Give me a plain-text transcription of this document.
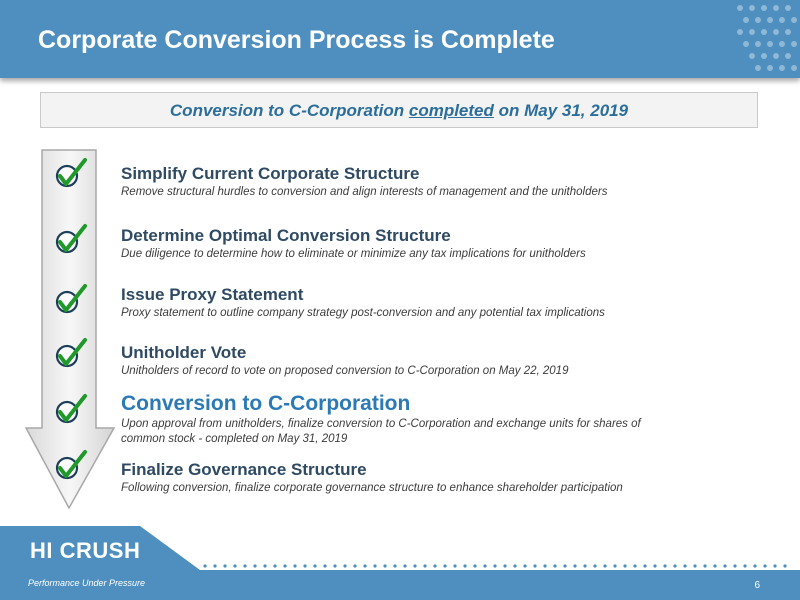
Corporate Conversion Process is Complete
Conversion to C-Corporation completed on May 31, 2019
Simplify Current Corporate Structure
Remove structural hurdles to conversion and align interests of management and the unitholders
Determine Optimal Conversion Structure
Due diligence to determine how to eliminate or minimize any tax implications for unitholders
Issue Proxy Statement
Proxy statement to outline company strategy post-conversion and any potential tax implications
Unitholder Vote
Unitholders of record to vote on proposed conversion to C-Corporation on May 22, 2019
Conversion to C-Corporation
Upon approval from unitholders, finalize conversion to C-Corporation and exchange units for shares of
common stock - completed on May 31, 2019
Finalize Governance Structure
Following conversion, finalize corporate governance structure to enhance shareholder participation
HI CRUSH
Performance Under Pressure	6
